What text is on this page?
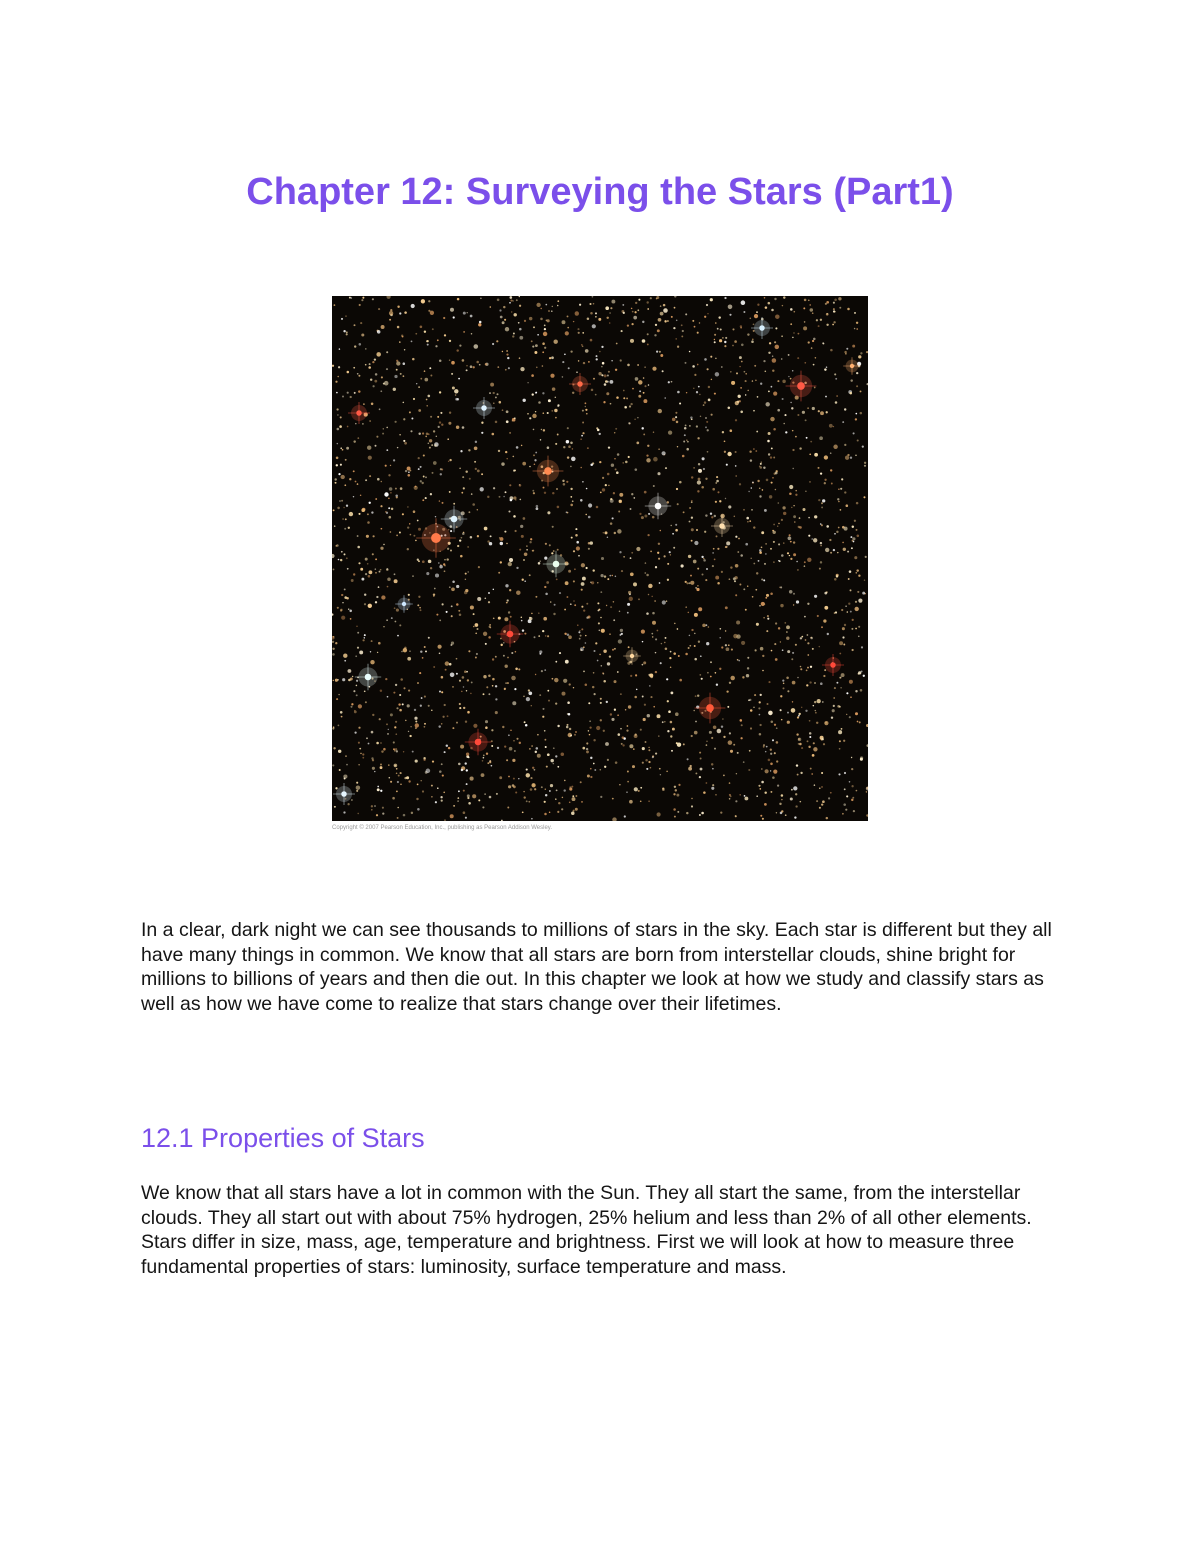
Chapter 12: Surveying the Stars (Part1)
Copyright © 2007 Pearson Education, Inc., publishing as Pearson Addison Wesley.

In a clear, dark night we can see thousands to millions of stars in the sky. Each star is different but they all have many things in common. We know that all stars are born from interstellar clouds, shine bright for millions to billions of years and then die out. In this chapter we look at how we study and classify stars as well as how we have come to realize that stars change over their lifetimes.

12.1 Properties of Stars

We know that all stars have a lot in common with the Sun. They all start the same, from the interstellar clouds. They all start out with about 75% hydrogen, 25% helium and less than 2% of all other elements. Stars differ in size, mass, age, temperature and brightness. First we will look at how to measure three fundamental properties of stars: luminosity, surface temperature and mass.
